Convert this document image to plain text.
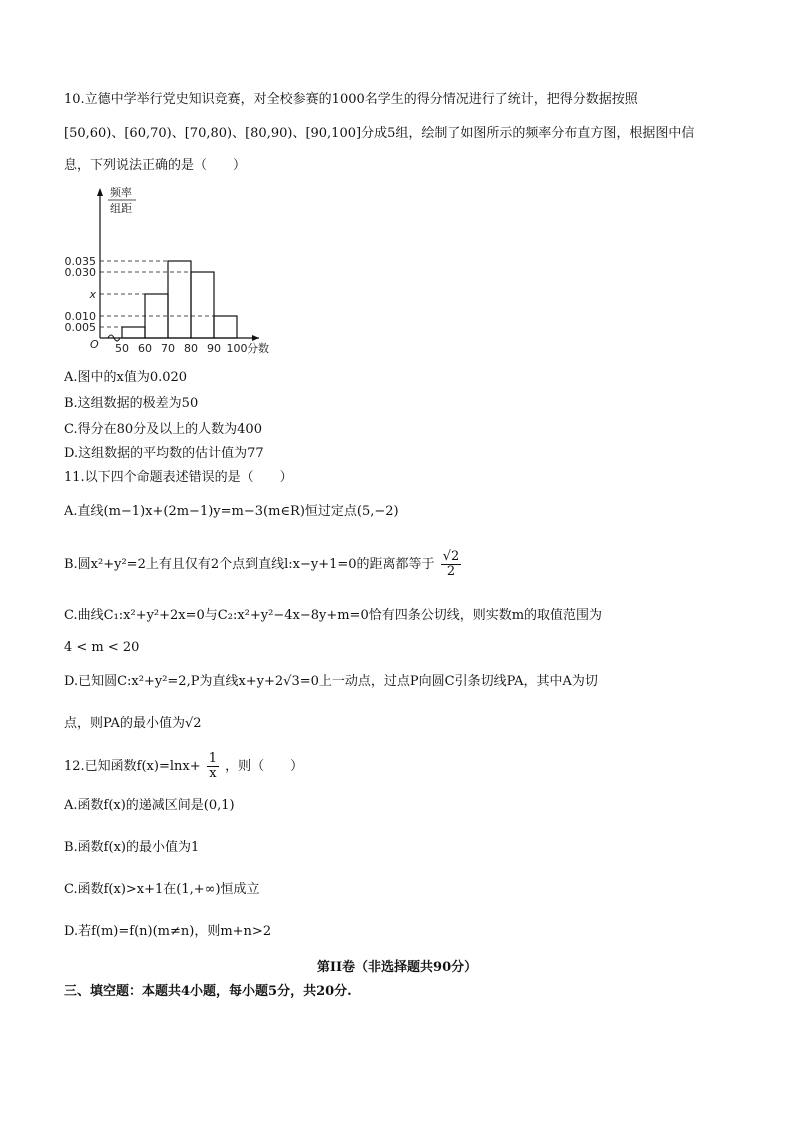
10.立德中学举行党史知识竞赛，对全校参赛的1000名学生的得分情况进行了统计，把得分数据按照
[50,60)、[60,70)、[70,80)、[80,90)、[90,100]分成5组，绘制了如图所示的频率分布直方图，根据图中信
息，下列说法正确的是（　　）
频率
组距
O
0.035
0.030
x
0.010
0.005
50 60 70 80 90 100 分数
A.图中的x值为0.020
B.这组数据的极差为50
C.得分在80分及以上的人数为400
D.这组数据的平均数的估计值为77
11.以下四个命题表述错误的是（　　）
A.直线(m−1)x+(2m−1)y=m−3(m∈R)恒过定点(5,−2)
B.圆x²+y²=2上有且仅有2个点到直线l:x−y+1=0的距离都等于 $\frac{√2}{2}$
C.曲线C₁:x²+y²+2x=0与C₂:x²+y²−4x−8y+m=0恰有四条公切线，则实数m的取值范围为
4 < m < 20
D.已知圆C:x²+y²=2,P为直线x+y+2√3=0上一动点，过点P向圆C引条切线PA，其中A为切
点，则PA的最小值为√2
12.已知函数$f(x)=\ln x+ \frac{1}{x}$ ，则（　　）
A.函数f(x)的递减区间是(0,1)
B.函数f(x)的最小值为1
C.函数f(x)>x+1在(1,+∞)恒成立
D.若f(m)=f(n)(m≠n)，则m+n>2
第II卷（非选择题共90分）
三、填空题：本题共4小题，每小题5分，共20分.
